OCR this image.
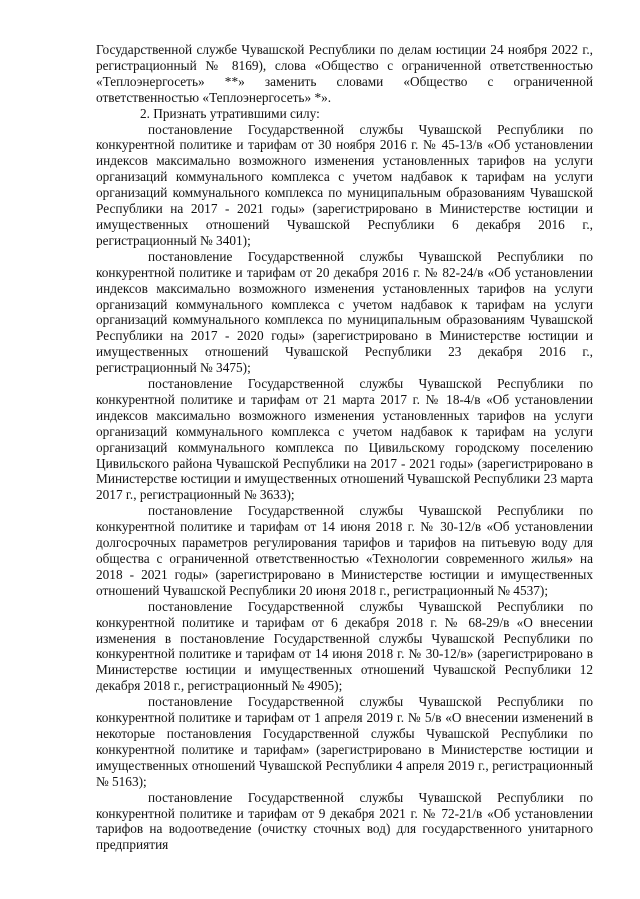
Государственной службе Чувашской Республики по делам юстиции 24 ноября 2022 г., регистрационный № 8169), слова «Общество с ограниченной ответственностью «Теплоэнергосеть» **» заменить словами «Общество с ограниченной ответственностью «Теплоэнергосеть» *».

2. Признать утратившими силу:

постановление Государственной службы Чувашской Республики по конкурентной политике и тарифам от 30 ноября 2016 г. № 45-13/в «Об установлении индексов максимально возможного изменения установленных тарифов на услуги организаций коммунального комплекса с учетом надбавок к тарифам на услуги организаций коммунального комплекса по муниципальным образованиям Чувашской Республики на 2017 - 2021 годы» (зарегистрировано в Министерстве юстиции и имущественных отношений Чувашской Республики 6 декабря 2016 г., регистрационный № 3401);

постановление Государственной службы Чувашской Республики по конкурентной политике и тарифам от 20 декабря 2016 г. № 82-24/в «Об установлении индексов максимально возможного изменения установленных тарифов на услуги организаций коммунального комплекса с учетом надбавок к тарифам на услуги организаций коммунального комплекса по муниципальным образованиям Чувашской Республики на 2017 - 2020 годы» (зарегистрировано в Министерстве юстиции и имущественных отношений Чувашской Республики 23 декабря 2016 г., регистрационный № 3475);

постановление Государственной службы Чувашской Республики по конкурентной политике и тарифам от 21 марта 2017 г. № 18-4/в «Об установлении индексов максимально возможного изменения установленных тарифов на услуги организаций коммунального комплекса с учетом надбавок к тарифам на услуги организаций коммунального комплекса по Цивильскому городскому поселению Цивильского района Чувашской Республики на 2017 - 2021 годы» (зарегистрировано в Министерстве юстиции и имущественных отношений Чувашской Республики 23 марта 2017 г., регистрационный № 3633);

постановление Государственной службы Чувашской Республики по конкурентной политике и тарифам от 14 июня 2018 г. № 30-12/в «Об установлении долгосрочных параметров регулирования тарифов и тарифов на питьевую воду для общества с ограниченной ответственностью «Технологии современного жилья» на 2018 - 2021 годы» (зарегистрировано в Министерстве юстиции и имущественных отношений Чувашской Республики 20 июня 2018 г., регистрационный № 4537);

постановление Государственной службы Чувашской Республики по конкурентной политике и тарифам от 6 декабря 2018 г. № 68-29/в «О внесении изменения в постановление Государственной службы Чувашской Республики по конкурентной политике и тарифам от 14 июня 2018 г. № 30-12/в» (зарегистрировано в Министерстве юстиции и имущественных отношений Чувашской Республики 12 декабря 2018 г., регистрационный № 4905);

постановление Государственной службы Чувашской Республики по конкурентной политике и тарифам от 1 апреля 2019 г. № 5/в «О внесении изменений в некоторые постановления Государственной службы Чувашской Республики по конкурентной политике и тарифам» (зарегистрировано в Министерстве юстиции и имущественных отношений Чувашской Республики 4 апреля 2019 г., регистрационный № 5163);

постановление Государственной службы Чувашской Республики по конкурентной политике и тарифам от 9 декабря 2021 г. № 72-21/в «Об установлении тарифов на водоотведение (очистку сточных вод) для государственного унитарного предприятия
